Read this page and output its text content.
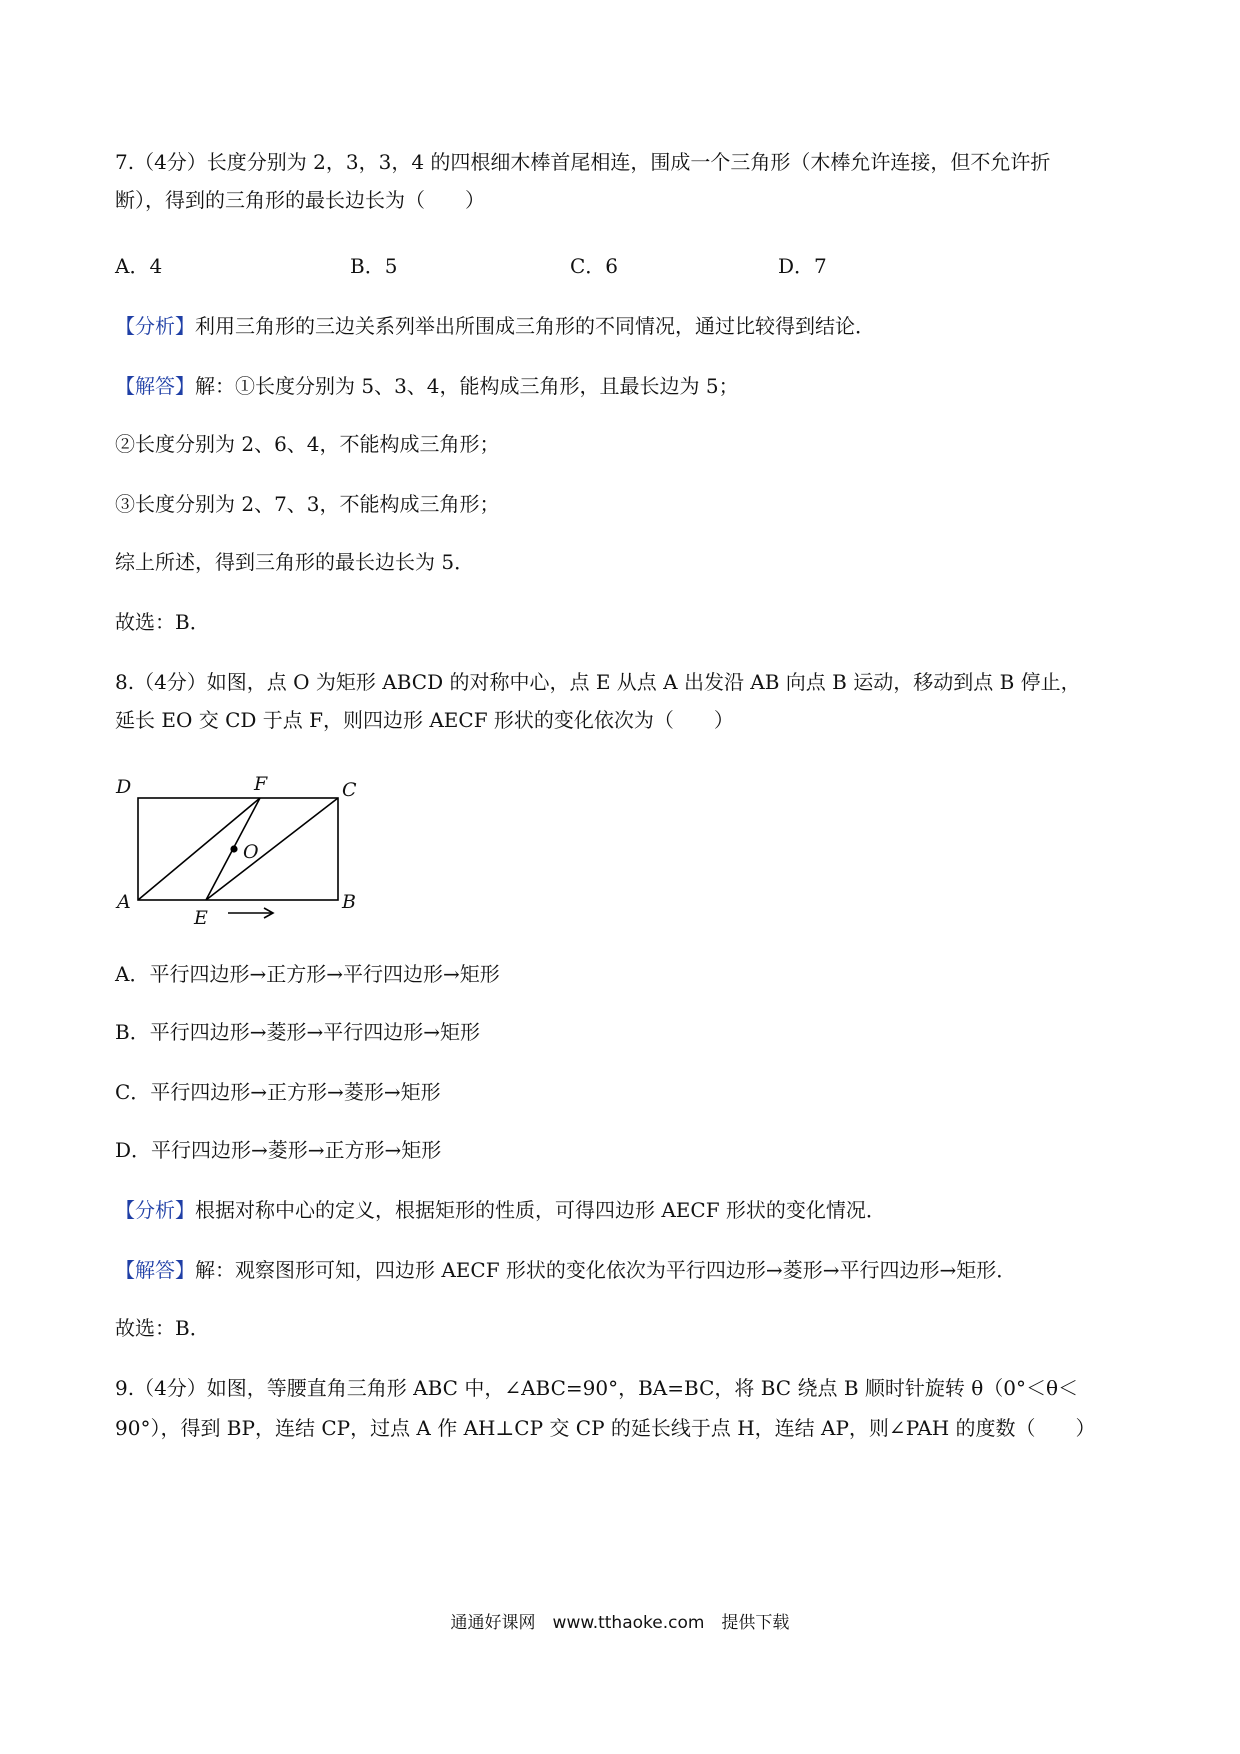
7.（4分）长度分别为 2，3，3，4 的四根细木棒首尾相连，围成一个三角形（木棒允许连接，但不允许折
断），得到的三角形的最长边长为（　　）
A．4	B．5	C．6	D．7
【分析】利用三角形的三边关系列举出所围成三角形的不同情况，通过比较得到结论．
【解答】解：①长度分别为 5、3、4，能构成三角形，且最长边为 5；
②长度分别为 2、6、4，不能构成三角形；
③长度分别为 2、7、3，不能构成三角形；
综上所述，得到三角形的最长边长为 5．
故选：B．
8.（4分）如图，点 O 为矩形 ABCD 的对称中心，点 E 从点 A 出发沿 AB 向点 B 运动，移动到点 B 停止，
延长 EO 交 CD 于点 F，则四边形 AECF 形状的变化依次为（　　）
D	F	C
O
A
E
B
A．平行四边形→正方形→平行四边形→矩形
B．平行四边形→菱形→平行四边形→矩形
C．平行四边形→正方形→菱形→矩形
D．平行四边形→菱形→正方形→矩形
【分析】根据对称中心的定义，根据矩形的性质，可得四边形 AECF 形状的变化情况．
【解答】解：观察图形可知，四边形 AECF 形状的变化依次为平行四边形→菱形→平行四边形→矩形．
故选：B．
9.（4分）如图，等腰直角三角形 ABC 中，∠ABC=90°，BA=BC，将 BC 绕点 B 顺时针旋转 θ（0°＜θ＜
90°），得到 BP，连结 CP，过点 A 作 AH⊥CP 交 CP 的延长线于点 H，连结 AP，则∠PAH 的度数（　　）
通通好课网　www.tthaoke.com　提供下载
